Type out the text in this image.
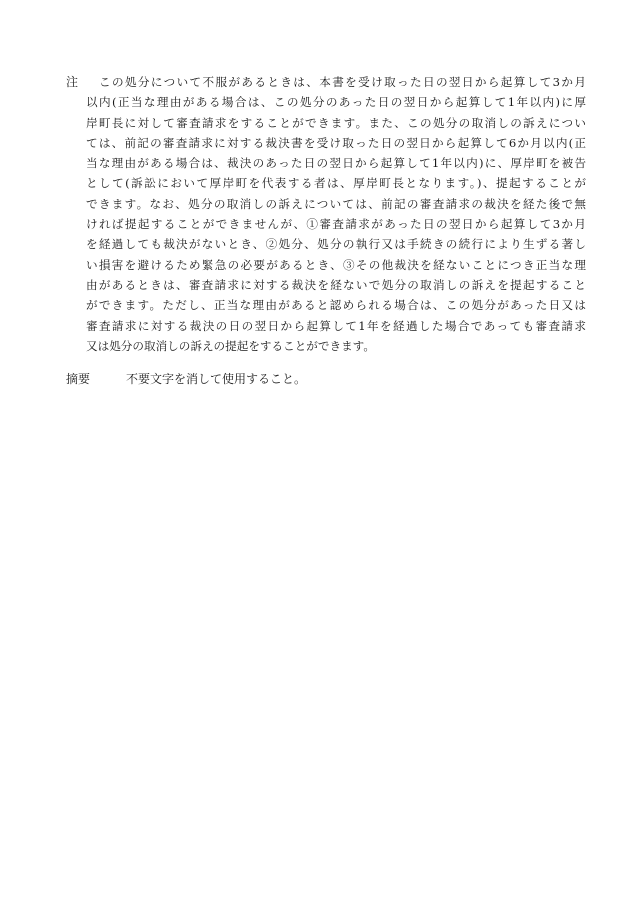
注	この処分について不服があるときは、本書を受け取った日の翌日から起算して3か月
以内(正当な理由がある場合は、この処分のあった日の翌日から起算して1年以内)に厚
岸町長に対して審査請求をすることができます。また、この処分の取消しの訴えについ
ては、前記の審査請求に対する裁決書を受け取った日の翌日から起算して6か月以内(正
当な理由がある場合は、裁決のあった日の翌日から起算して1年以内)に、厚岸町を被告
として(訴訟において厚岸町を代表する者は、厚岸町長となります。)、提起することが
できます。なお、処分の取消しの訴えについては、前記の審査請求の裁決を経た後で無
ければ提起することができませんが、①審査請求があった日の翌日から起算して3か月
を経過しても裁決がないとき、②処分、処分の執行又は手続きの続行により生ずる著し
い損害を避けるため緊急の必要があるとき、③その他裁決を経ないことにつき正当な理
由があるときは、審査請求に対する裁決を経ないで処分の取消しの訴えを提起すること
ができます。ただし、正当な理由があると認められる場合は、この処分があった日又は
審査請求に対する裁決の日の翌日から起算して1年を経過した場合であっても審査請求
又は処分の取消しの訴えの提起をすることができます。
摘要	不要文字を消して使用すること。
